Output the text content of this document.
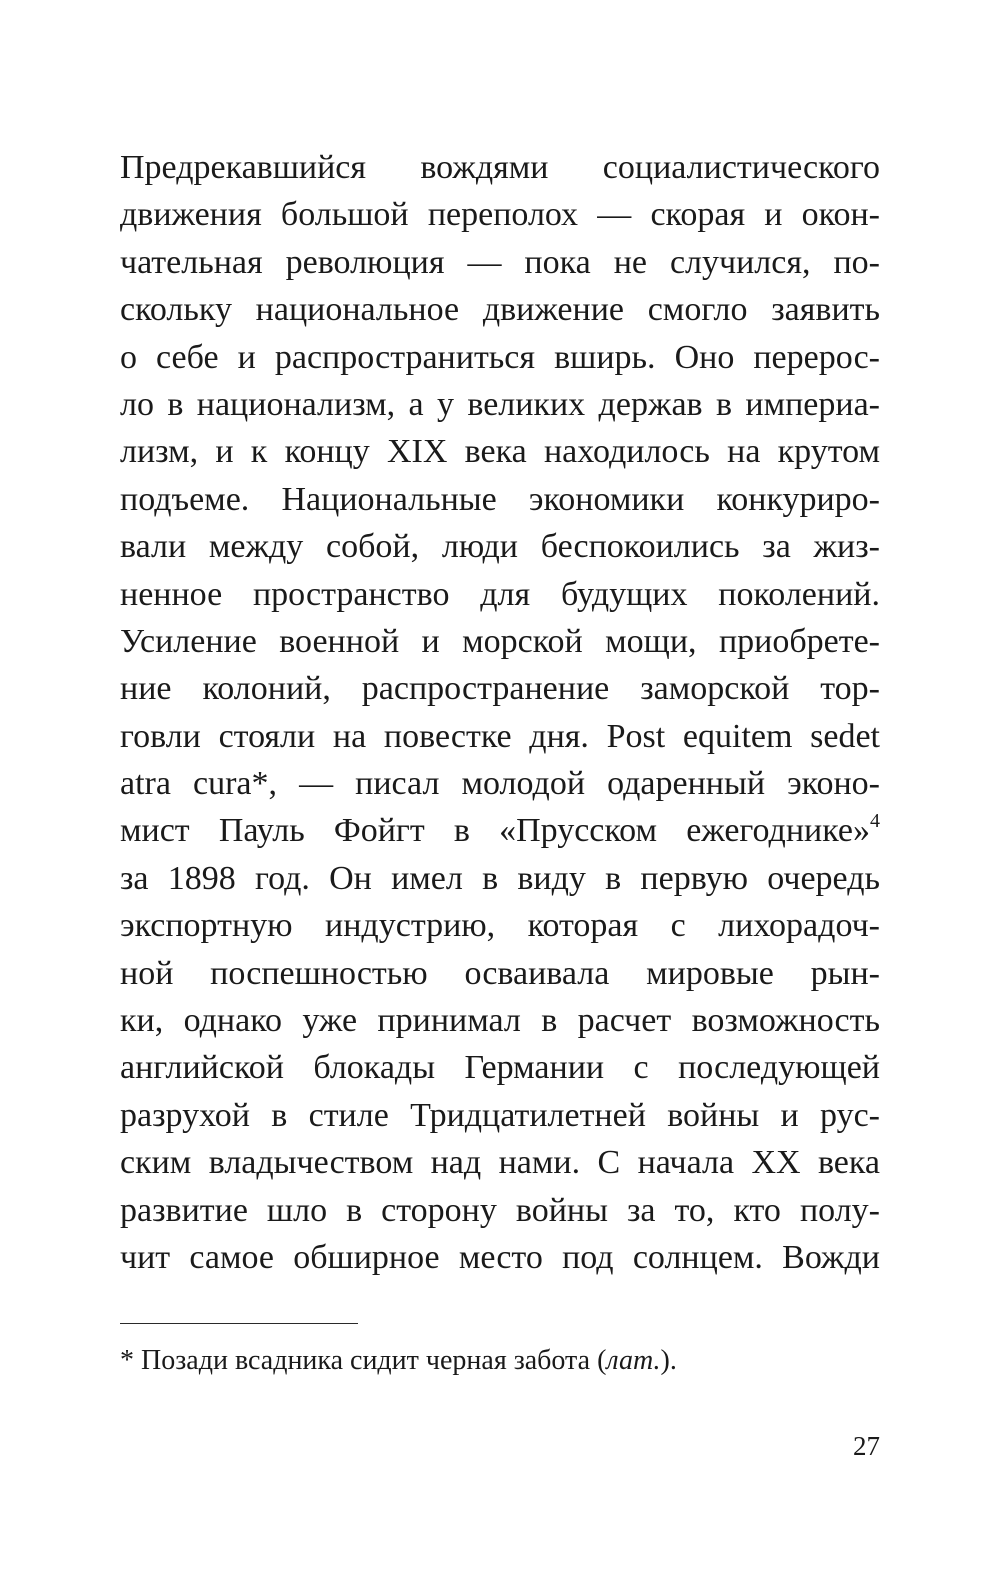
Предрекавшийся вождями социалистического
движения большой переполох — скорая и окон-
чательная революция — пока не случился, по-
скольку национальное движение смогло заявить
о себе и распространиться вширь. Оно перерос-
ло в национализм, а у великих держав в империа-
лизм, и к концу XIX века находилось на крутом
подъеме. Национальные экономики конкуриро-
вали между собой, люди беспокоились за жиз-
ненное пространство для будущих поколений.
Усиление военной и морской мощи, приобрете-
ние колоний, распространение заморской тор-
говли стояли на повестке дня. Post equitem sedet
atra cura*, — писал молодой одаренный эконо-
мист Пауль Фойгт в «Прусском ежегоднике»$^4$
за 1898 год. Он имел в виду в первую очередь
экспортную индустрию, которая с лихорадоч-
ной поспешностью осваивала мировые рын-
ки, однако уже принимал в расчет возможность
английской блокады Германии с последующей
разрухой в стиле Тридцатилетней войны и рус-
ским владычеством над нами. С начала XX века
развитие шло в сторону войны за то, кто полу-
чит самое обширное место под солнцем. Вожди
* Позади всадника сидит черная забота (лат.).
27
